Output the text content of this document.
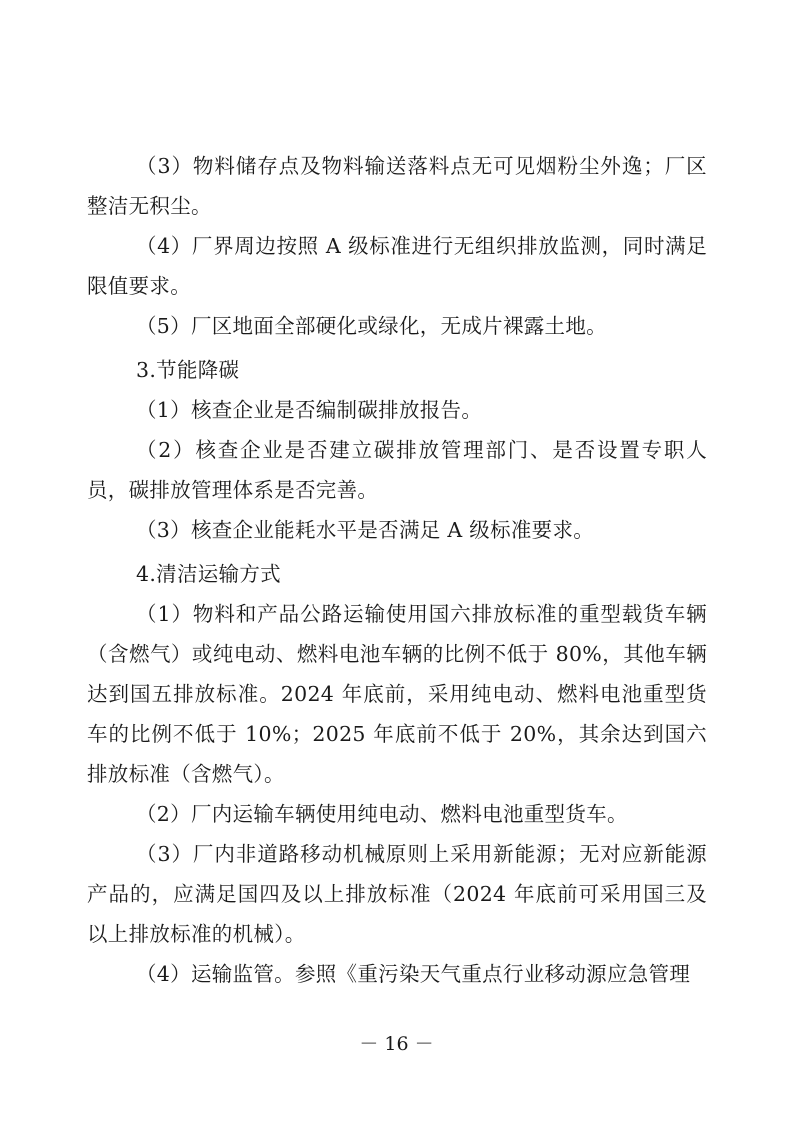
（3）物料储存点及物料输送落料点无可见烟粉尘外逸；厂区整洁无积尘。

（4）厂界周边按照 A 级标准进行无组织排放监测，同时满足限值要求。

（5）厂区地面全部硬化或绿化，无成片裸露土地。

3.节能降碳

（1）核查企业是否编制碳排放报告。

（2）核查企业是否建立碳排放管理部门、是否设置专职人员，碳排放管理体系是否完善。

（3）核查企业能耗水平是否满足 A 级标准要求。

4.清洁运输方式

（1）物料和产品公路运输使用国六排放标准的重型载货车辆（含燃气）或纯电动、燃料电池车辆的比例不低于 80%，其他车辆达到国五排放标准。2024 年底前，采用纯电动、燃料电池重型货车的比例不低于 10%；2025 年底前不低于 20%，其余达到国六排放标准（含燃气）。

（2）厂内运输车辆使用纯电动、燃料电池重型货车。

（3）厂内非道路移动机械原则上采用新能源；无对应新能源产品的，应满足国四及以上排放标准（2024 年底前可采用国三及以上排放标准的机械）。

（4）运输监管。参照《重污染天气重点行业移动源应急管理

－ 16 －
